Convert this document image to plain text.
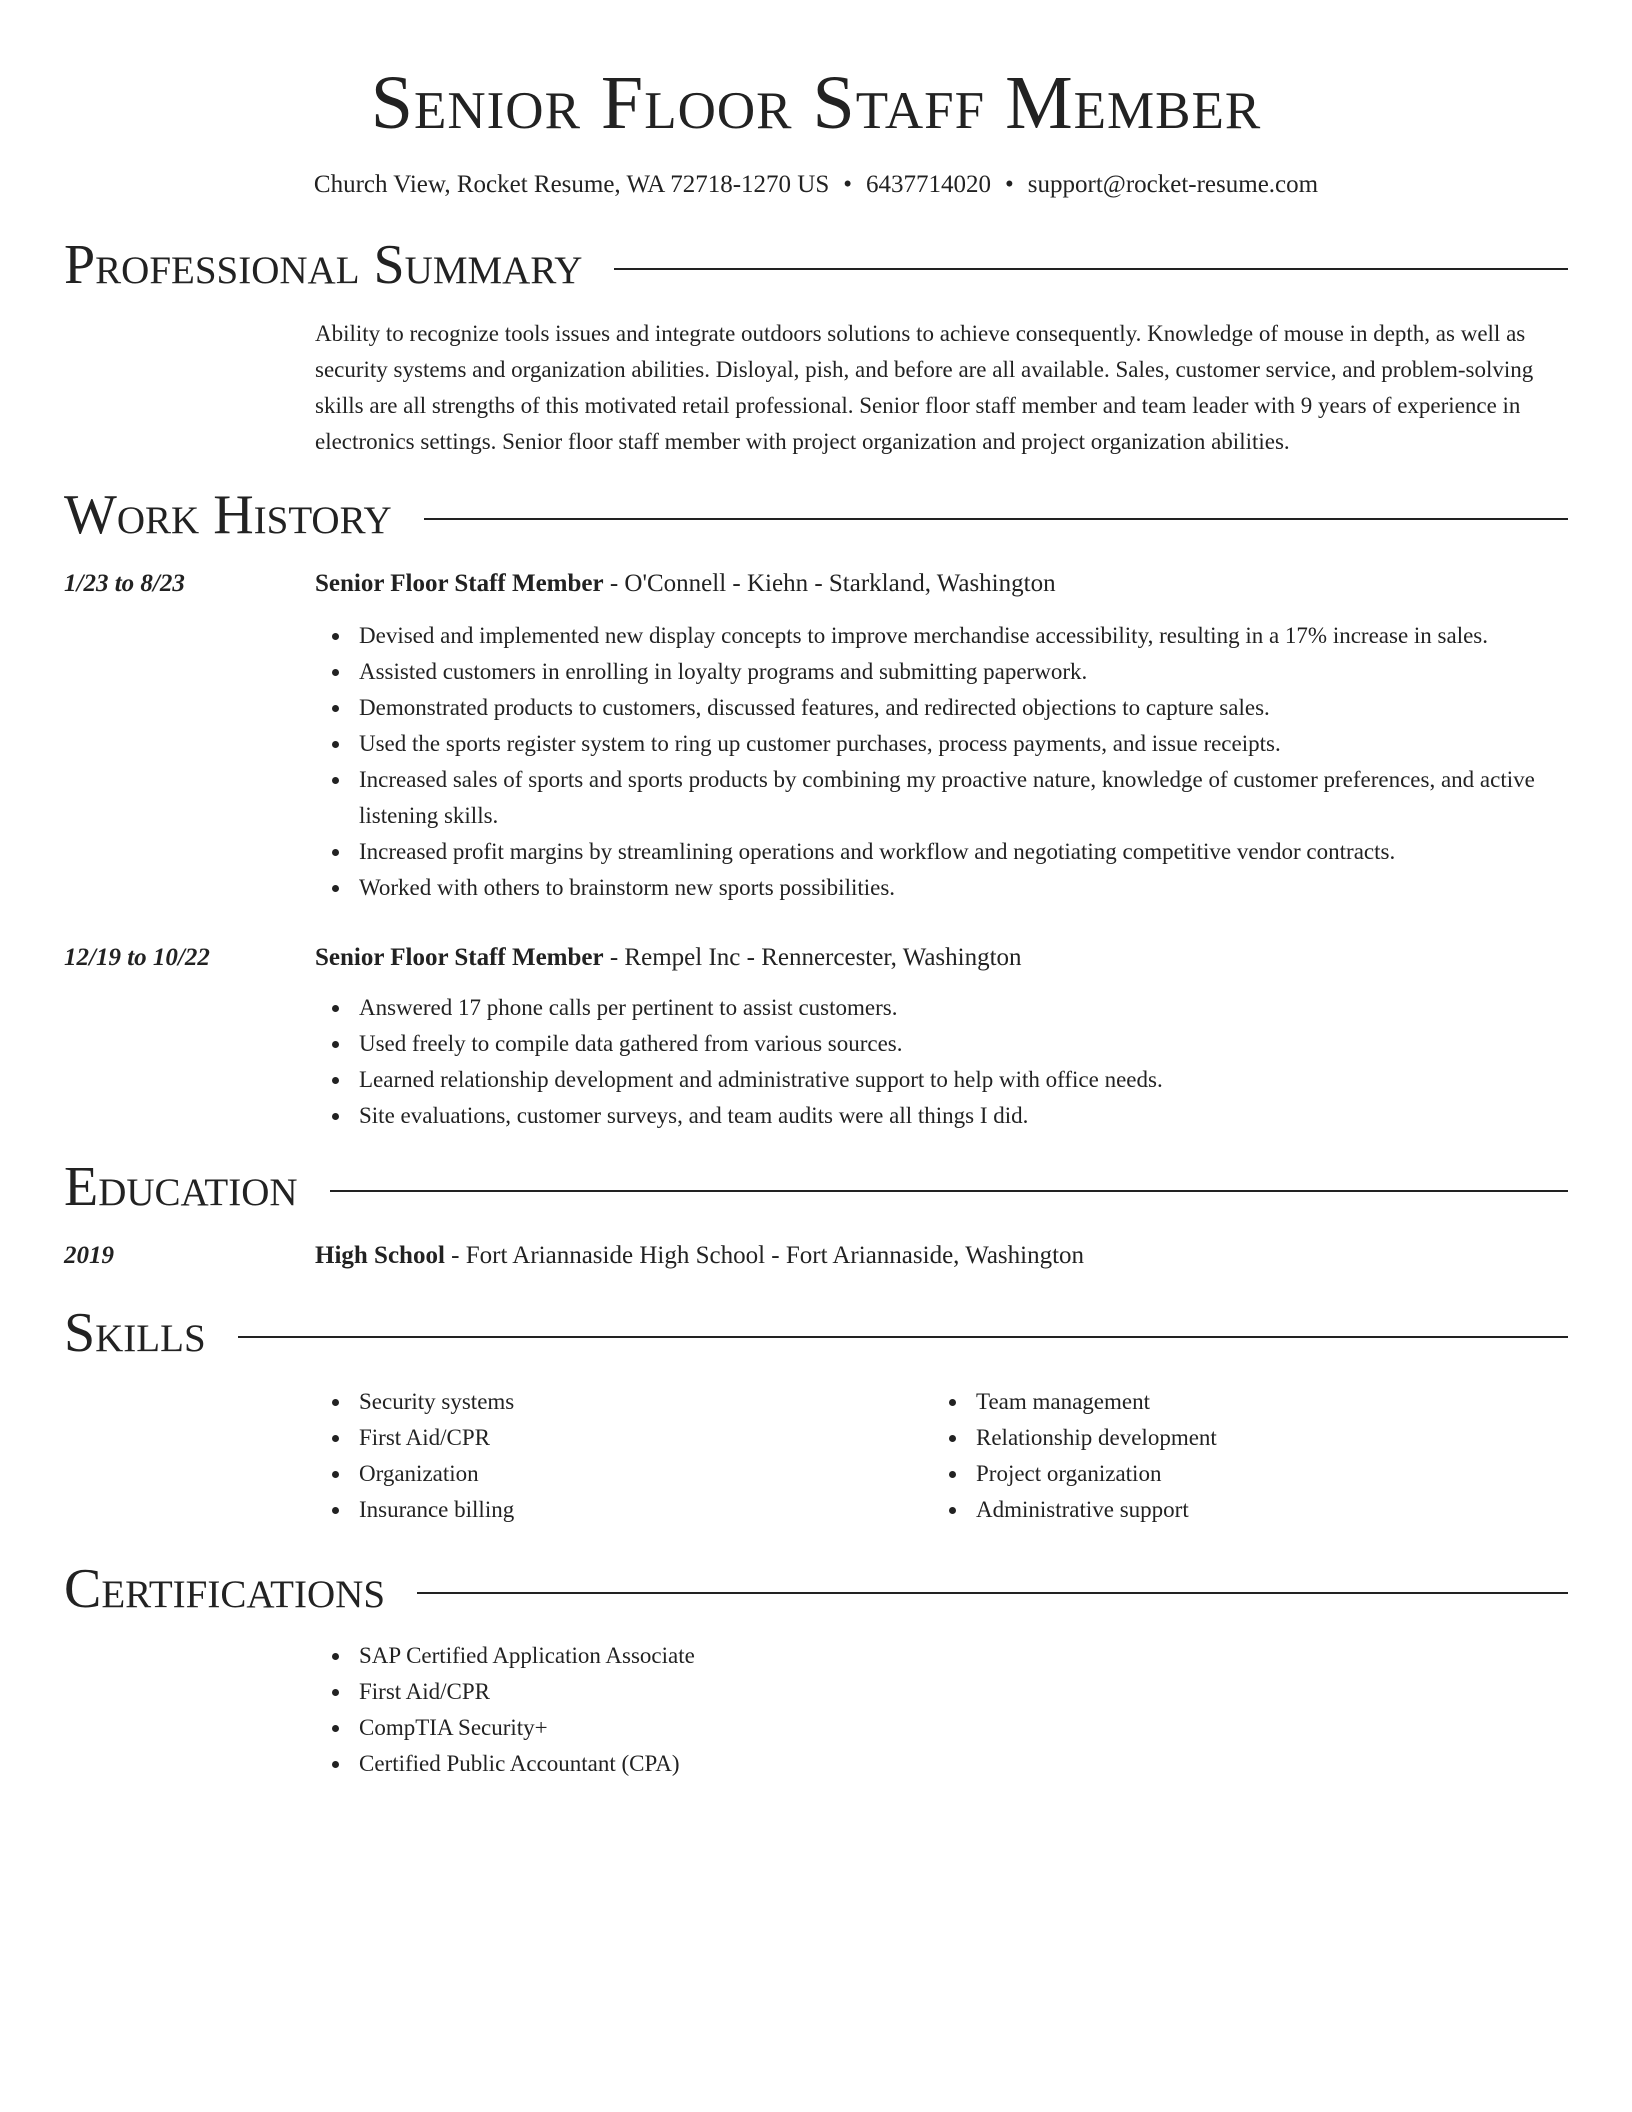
Senior Floor Staff Member
Church View, Rocket Resume, WA 72718-1270 US • 6437714020 • support@rocket-resume.com
Professional Summary

Ability to recognize tools issues and integrate outdoors solutions to achieve consequently. Knowledge of mouse in depth, as well as security systems and organization abilities. Disloyal, pish, and before are all available. Sales, customer service, and problem-solving skills are all strengths of this motivated retail professional. Senior floor staff member and team leader with 9 years of experience in electronics settings. Senior floor staff member with project organization and project organization abilities.

Work History
1/23 to 8/23	Senior Floor Staff Member - O'Connell - Kiehn - Starkland, Washington
Devised and implemented new display concepts to improve merchandise accessibility, resulting in a 17% increase in sales.
Assisted customers in enrolling in loyalty programs and submitting paperwork.
Demonstrated products to customers, discussed features, and redirected objections to capture sales.
Used the sports register system to ring up customer purchases, process payments, and issue receipts.
Increased sales of sports and sports products by combining my proactive nature, knowledge of customer preferences, and active listening skills.
Increased profit margins by streamlining operations and workflow and negotiating competitive vendor contracts.
Worked with others to brainstorm new sports possibilities.
12/19 to 10/22	Senior Floor Staff Member - Rempel Inc - Rennercester, Washington
Answered 17 phone calls per pertinent to assist customers.
Used freely to compile data gathered from various sources.
Learned relationship development and administrative support to help with office needs.
Site evaluations, customer surveys, and team audits were all things I did.
Education
2019	High School - Fort Ariannaside High School - Fort Ariannaside, Washington
Skills
Security systems
First Aid/CPR
Organization
Insurance billing
Team management
Relationship development
Project organization
Administrative support
Certifications
SAP Certified Application Associate
First Aid/CPR
CompTIA Security+
Certified Public Accountant (CPA)
